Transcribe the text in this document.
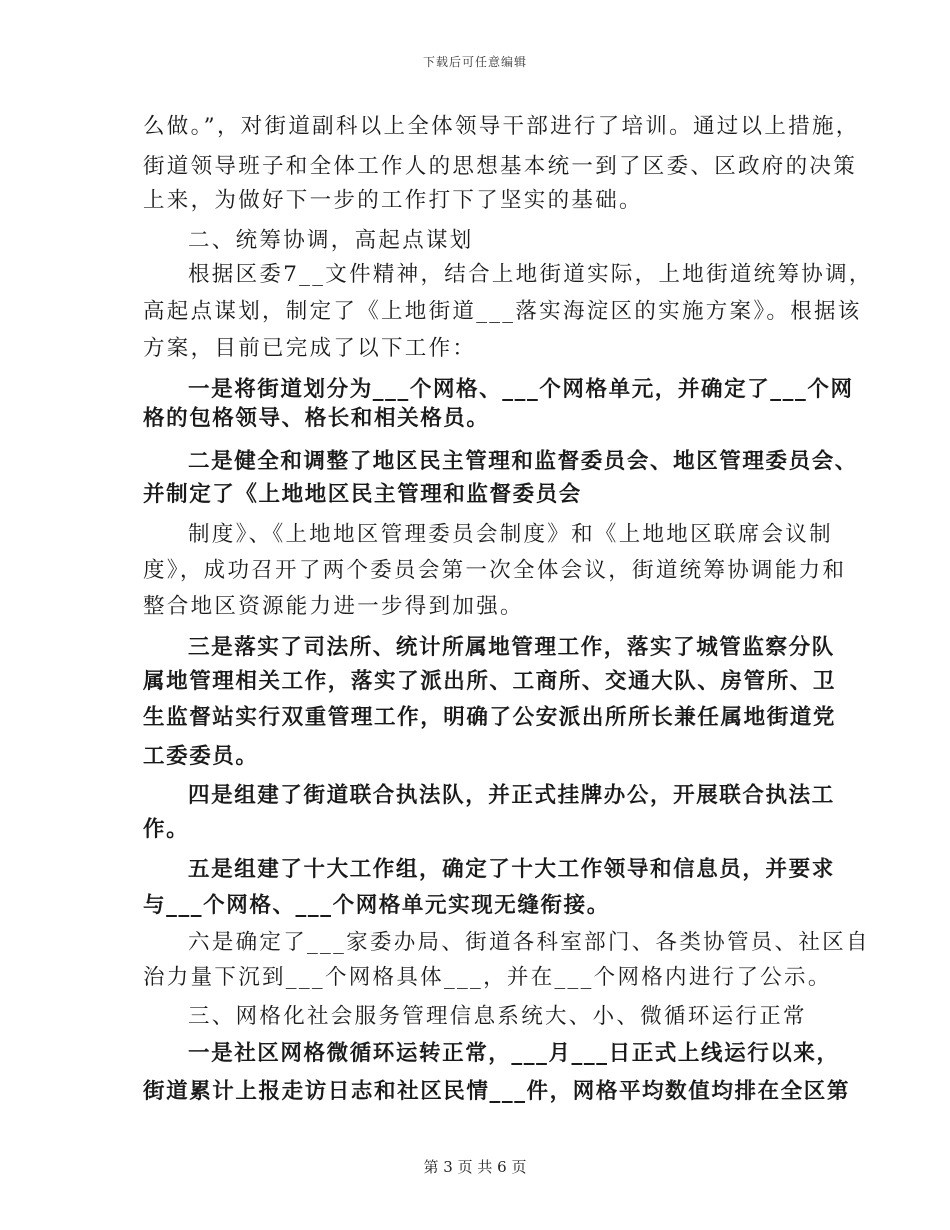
下载后可任意编辑
么做。”，对街道副科以上全体领导干部进行了培训。通过以上措施，
街道领导班子和全体工作人的思想基本统一到了区委、区政府的决策
上来，为做好下一步的工作打下了坚实的基础。
二、统筹协调，高起点谋划
根据区委7__文件精神，结合上地街道实际，上地街道统筹协调，
高起点谋划，制定了《上地街道___落实海淀区的实施方案》。根据该
方案，目前已完成了以下工作：
一是将街道划分为___个网格、___个网格单元，并确定了___个网
格的包格领导、格长和相关格员。
二是健全和调整了地区民主管理和监督委员会、地区管理委员会、
并制定了《上地地区民主管理和监督委员会
制度》、《上地地区管理委员会制度》和《上地地区联席会议制
度》，成功召开了两个委员会第一次全体会议，街道统筹协调能力和
整合地区资源能力进一步得到加强。
三是落实了司法所、统计所属地管理工作，落实了城管监察分队
属地管理相关工作，落实了派出所、工商所、交通大队、房管所、卫
生监督站实行双重管理工作，明确了公安派出所所长兼任属地街道党
工委委员。
四是组建了街道联合执法队，并正式挂牌办公，开展联合执法工
作。
五是组建了十大工作组，确定了十大工作领导和信息员，并要求
与___个网格、___个网格单元实现无缝衔接。
六是确定了___家委办局、街道各科室部门、各类协管员、社区自
治力量下沉到___个网格具体___，并在___个网格内进行了公示。
三、网格化社会服务管理信息系统大、小、微循环运行正常
一是社区网格微循环运转正常，___月___日正式上线运行以来，
街道累计上报走访日志和社区民情___件，网格平均数值均排在全区第
第 3 页 共 6 页
